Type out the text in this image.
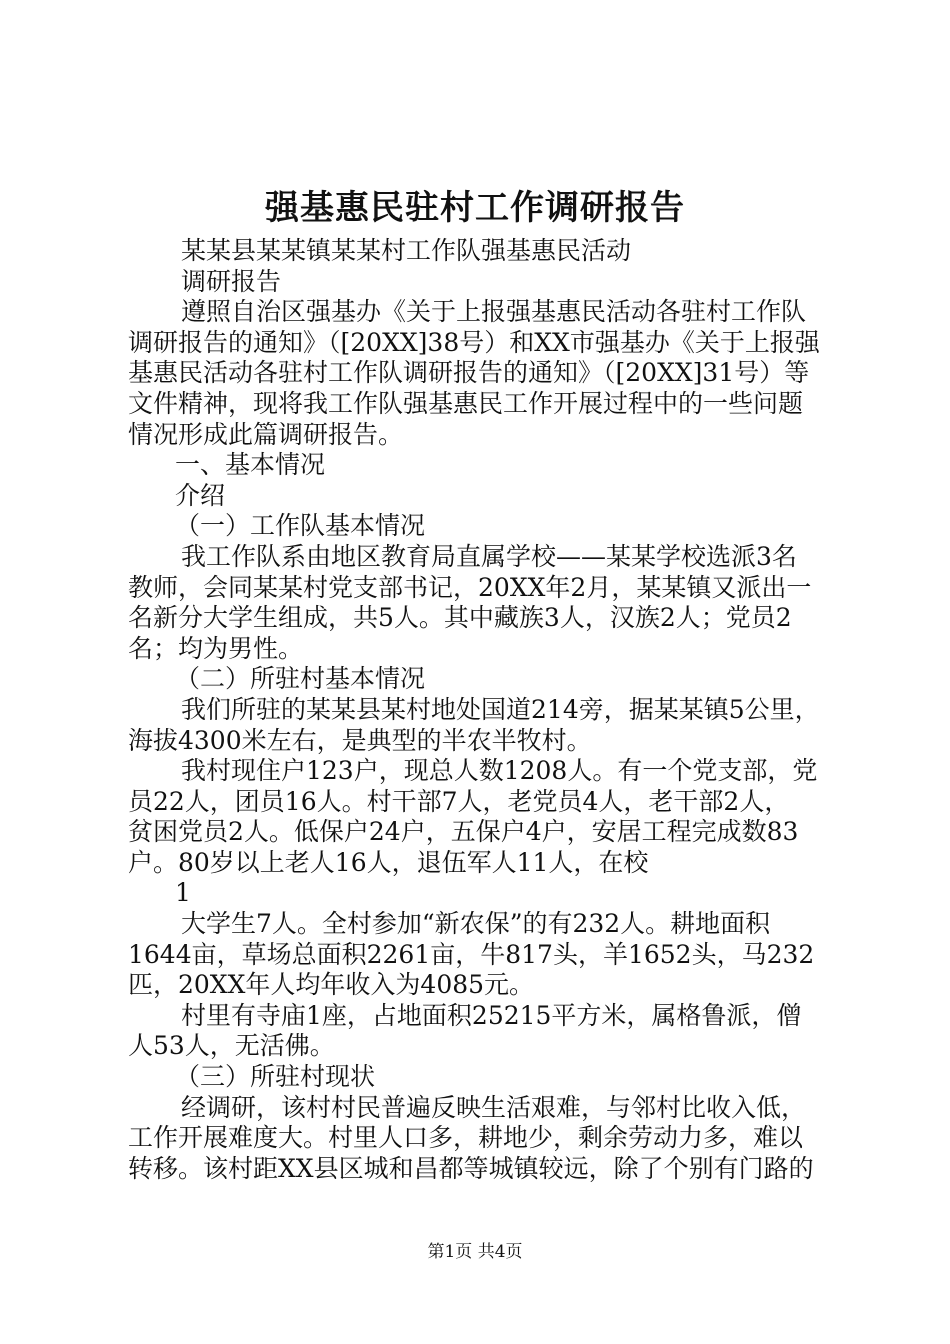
强基惠民驻村工作调研报告
某某县某某镇某某村工作队强基惠民活动
调研报告
遵照自治区强基办《关于上报强基惠民活动各驻村工作队
调研报告的通知》（[20XX]38号）和XX市强基办《关于上报强
基惠民活动各驻村工作队调研报告的通知》（[20XX]31号）等
文件精神，现将我工作队强基惠民工作开展过程中的一些问题
情况形成此篇调研报告。
一、基本情况
介绍
（一）工作队基本情况
我工作队系由地区教育局直属学校——某某学校选派3名
教师，会同某某村党支部书记，20XX年2月，某某镇又派出一
名新分大学生组成，共5人。其中藏族3人，汉族2人；党员2
名；均为男性。
（二）所驻村基本情况
我们所驻的某某县某村地处国道214旁，据某某镇5公里，
海拔4300米左右，是典型的半农半牧村。
我村现住户123户，现总人数1208人。有一个党支部，党
员22人，团员16人。村干部7人，老党员4人，老干部2人，
贫困党员2人。低保户24户，五保户4户，安居工程完成数83
户。80岁以上老人16人，退伍军人11人，在校
1
大学生7人。全村参加“新农保”的有232人。耕地面积
1644亩，草场总面积2261亩，牛817头，羊1652头，马232
匹，20XX年人均年收入为4085元。
村里有寺庙1座，占地面积25215平方米，属格鲁派，僧
人53人，无活佛。
（三）所驻村现状
经调研，该村村民普遍反映生活艰难，与邻村比收入低，
工作开展难度大。村里人口多，耕地少，剩余劳动力多，难以
转移。该村距XX县区城和昌都等城镇较远，除了个别有门路的
第1页 共4页
